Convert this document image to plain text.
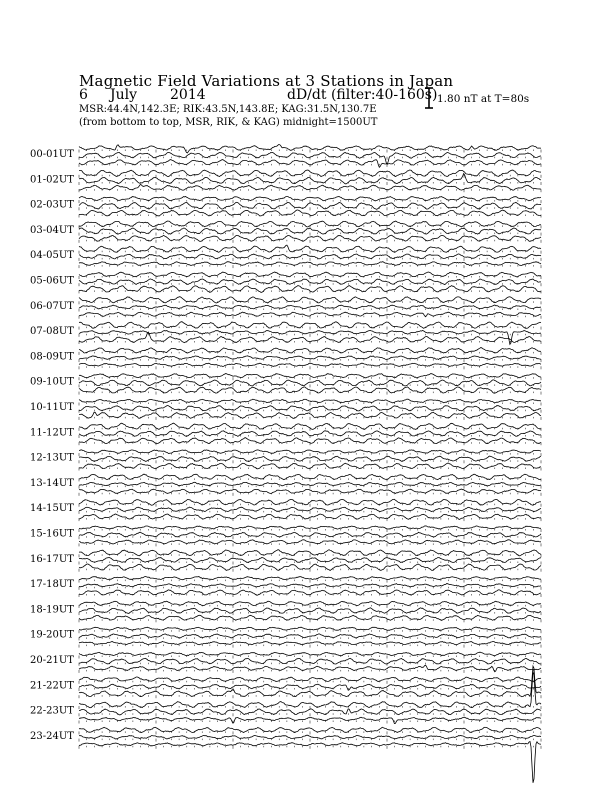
Magnetic Field Variations at 3 Stations in Japan
6 July 2014	dD/dt (filter:40-160s)
MSR:44.4N,142.3E; RIK:43.5N,143.8E; KAG:31.5N,130.7E
(from bottom to top, MSR, RIK, & KAG) midnight=1500UT
1.80 nT at T=80s
00-01UT
01-02UT
02-03UT
03-04UT
04-05UT
05-06UT
06-07UT
07-08UT
08-09UT
09-10UT
10-11UT
11-12UT
12-13UT
13-14UT
14-15UT
15-16UT
16-17UT
17-18UT
18-19UT
19-20UT
20-21UT
21-22UT
22-23UT
23-24UT
